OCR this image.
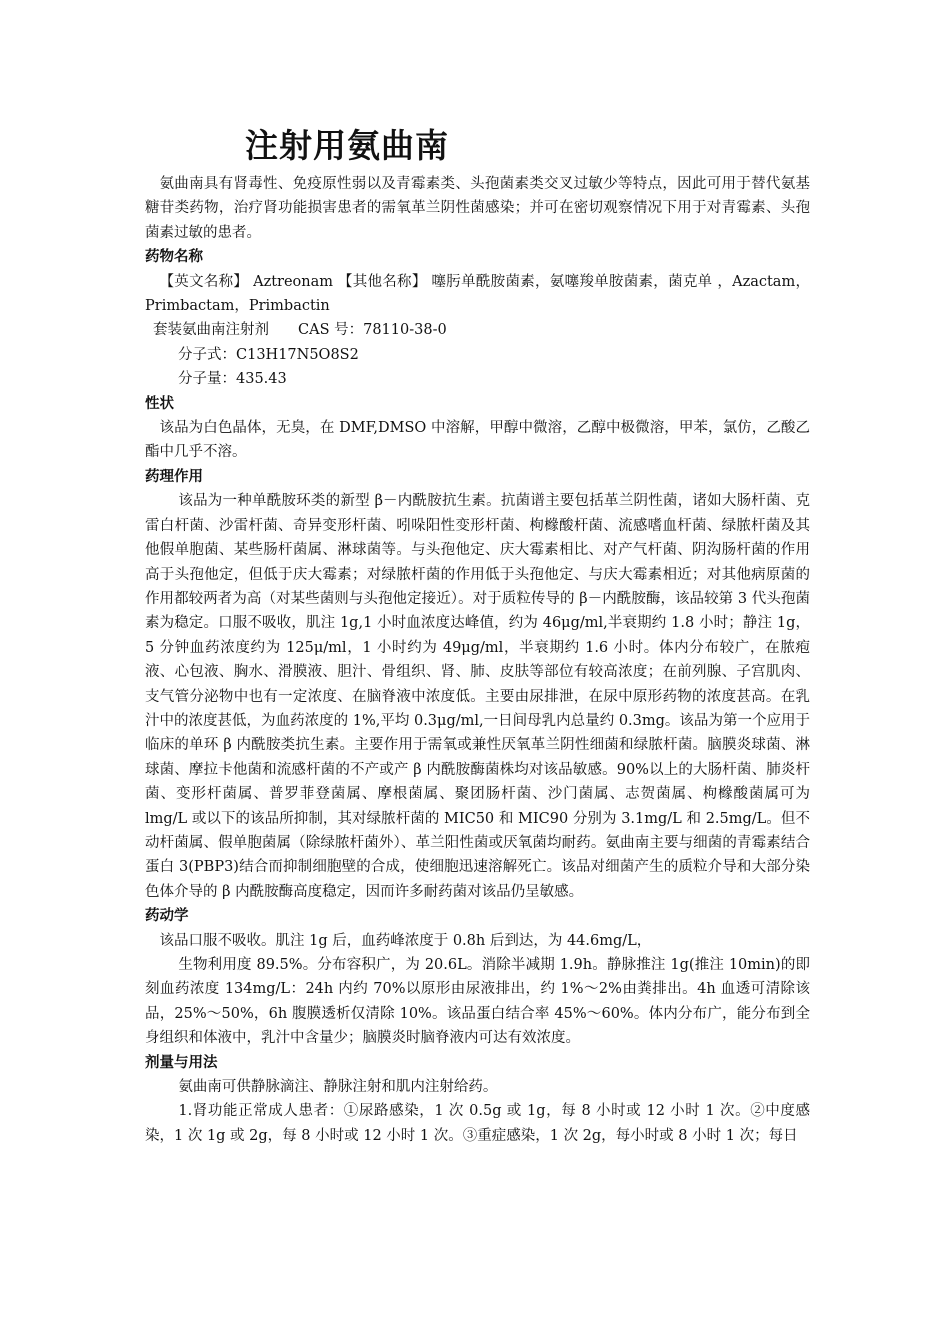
注射用氨曲南

氨曲南具有肾毒性、免疫原性弱以及青霉素类、头孢菌素类交叉过敏少等特点，因此可用于替代氨基糖苷类药物，治疗肾功能损害患者的需氧革兰阴性菌感染；并可在密切观察情况下用于对青霉素、头孢菌素过敏的患者。

药物名称

【英文名称】 Aztreonam 【其他名称】 噻肟单酰胺菌素，氨噻羧单胺菌素，菌克单 ，Azactam，Primbactam，Primbactin

套装氨曲南注射剂　　CAS 号：78110-38-0

分子式：C13H17N5O8S2

分子量：435.43

性状

该品为白色晶体，无臭，在 DMF,DMSO 中溶解，甲醇中微溶，乙醇中极微溶，甲苯，氯仿，乙酸乙酯中几乎不溶。

药理作用

该品为一种单酰胺环类的新型 β－内酰胺抗生素。抗菌谱主要包括革兰阴性菌，诸如大肠杆菌、克雷白杆菌、沙雷杆菌、奇异变形杆菌、吲哚阳性变形杆菌、枸橼酸杆菌、流感嗜血杆菌、绿脓杆菌及其他假单胞菌、某些肠杆菌属、淋球菌等。与头孢他定、庆大霉素相比、对产气杆菌、阴沟肠杆菌的作用高于头孢他定，但低于庆大霉素；对绿脓杆菌的作用低于头孢他定、与庆大霉素相近；对其他病原菌的作用都较两者为高（对某些菌则与头孢他定接近）。对于质粒传导的 β－内酰胺酶，该品较第 3 代头孢菌素为稳定。口服不吸收，肌注 1g,1 小时血浓度达峰值，约为 46μg/ml,半衰期约 1.8 小时；静注 1g，5 分钟血药浓度约为 125μ/ml，1 小时约为 49μg/ml，半衰期约 1.6 小时。体内分布较广，在脓疱液、心包液、胸水、滑膜液、胆汁、骨组织、肾、肺、皮肤等部位有较高浓度；在前列腺、子宫肌肉、支气管分泌物中也有一定浓度、在脑脊液中浓度低。主要由尿排泄，在尿中原形药物的浓度甚高。在乳汁中的浓度甚低，为血药浓度的 1%,平均 0.3μg/ml,一日间母乳内总量约 0.3mg。该品为第一个应用于临床的单环 β 内酰胺类抗生素。主要作用于需氧或兼性厌氧革兰阴性细菌和绿脓杆菌。脑膜炎球菌、淋球菌、摩拉卡他菌和流感杆菌的不产或产 β 内酰胺酶菌株均对该品敏感。90%以上的大肠杆菌、肺炎杆菌、变形杆菌属、普罗菲登菌属、摩根菌属、聚团肠杆菌、沙门菌属、志贺菌属、枸橼酸菌属可为 lmg/L 或以下的该品所抑制，其对绿脓杆菌的 MIC50 和 MIC90 分别为 3.1mg/L 和 2.5mg/L。但不动杆菌属、假单胞菌属（除绿脓杆菌外）、革兰阳性菌或厌氧菌均耐药。氨曲南主要与细菌的青霉素结合蛋白 3(PBP3)结合而抑制细胞壁的合成，使细胞迅速溶解死亡。该品对细菌产生的质粒介导和大部分染色体介导的 β 内酰胺酶高度稳定，因而许多耐药菌对该品仍呈敏感。

药动学

该品口服不吸收。肌注 1g 后，血药峰浓度于 0.8h 后到达，为 44.6mg/L，

生物利用度 89.5%。分布容积广，为 20.6L。消除半减期 1.9h。静脉推注 1g(推注 10min)的即刻血药浓度 134mg/L：24h 内约 70%以原形由尿液排出，约 1%～2%由粪排出。4h 血透可清除该品，25%～50%，6h 腹膜透析仅清除 10%。该品蛋白结合率 45%～60%。体内分布广，能分布到全身组织和体液中，乳汁中含量少；脑膜炎时脑脊液内可达有效浓度。

剂量与用法

氨曲南可供静脉滴注、静脉注射和肌内注射给药。

1.肾功能正常成人患者：①尿路感染，1 次 0.5g 或 1g，每 8 小时或 12 小时 1 次。②中度感染，1 次 1g 或 2g，每 8 小时或 12 小时 1 次。③重症感染，1 次 2g，每小时或 8 小时 1 次；每日
